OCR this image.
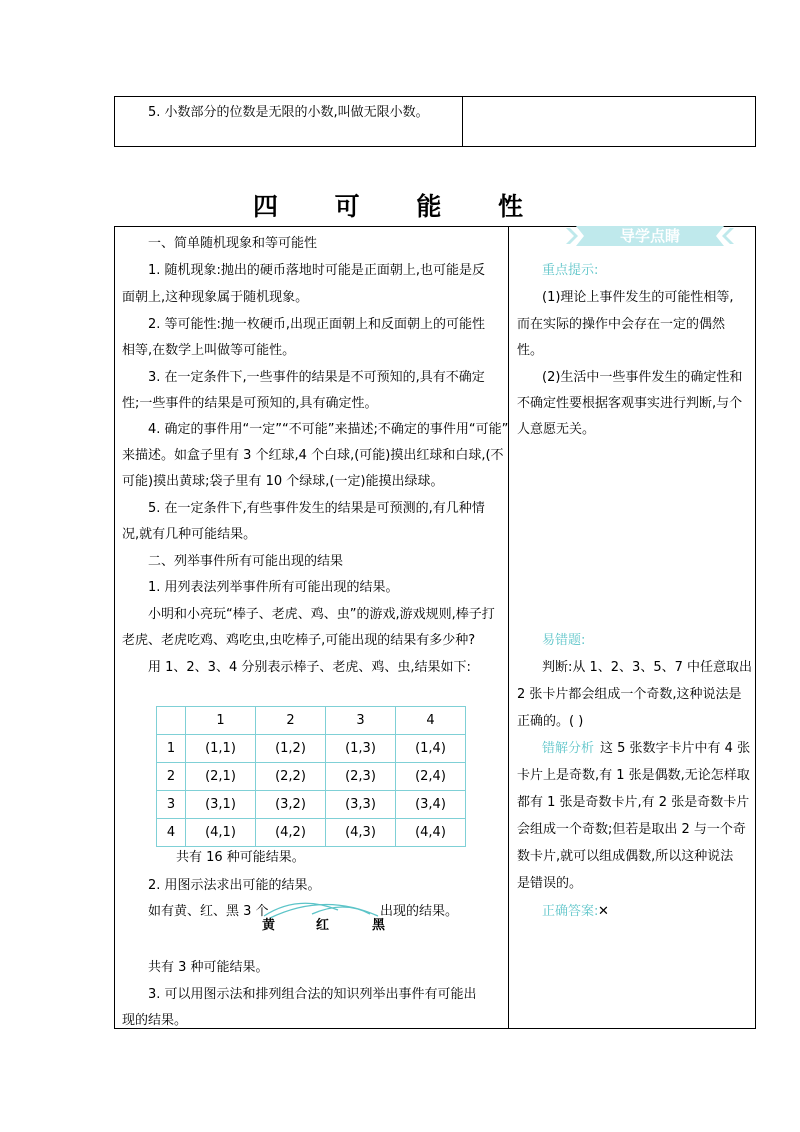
5. 小数部分的位数是无限的小数,叫做无限小数。

四 可 能 性

一、简单随机现象和等可能性

1. 随机现象:抛出的硬币落地时可能是正面朝上,也可能是反

面朝上,这种现象属于随机现象。

2. 等可能性:抛一枚硬币,出现正面朝上和反面朝上的可能性

相等,在数学上叫做等可能性。

3. 在一定条件下,一些事件的结果是不可预知的,具有不确定

性;一些事件的结果是可预知的,具有确定性。

4. 确定的事件用“一定”“不可能”来描述;不确定的事件用“可能”

来描述。如盒子里有 3 个红球,4 个白球,(可能)摸出红球和白球,(不

可能)摸出黄球;袋子里有 10 个绿球,(一定)能摸出绿球。

5. 在一定条件下,有些事件发生的结果是可预测的,有几种情

况,就有几种可能结果。

二、列举事件所有可能出现的结果

1. 用列表法列举事件所有可能出现的结果。

小明和小亮玩“棒子、老虎、鸡、虫”的游戏,游戏规则,棒子打

老虎、老虎吃鸡、鸡吃虫,虫吃棒子,可能出现的结果有多少种?

用 1、2、3、4 分别表示棒子、老虎、鸡、虫,结果如下:

	1	2	3	4
1	(1,1)	(1,2)	(1,3)	(1,4)
2	(2,1)	(2,2)	(2,3)	(2,4)
3	(3,1)	(3,2)	(3,3)	(3,4)
4	(4,1)	(4,2)	(4,3)	(4,4)

共有 16 种可能结果。

2. 用图示法求出可能的结果。

如有黄、红、黑 3 个	出现的结果。

黄	红	黑

共有 3 种可能结果。

3. 可以用图示法和排列组合法的知识列举出事件有可能出

现的结果。

导学点睛

重点提示:

(1)理论上事件发生的可能性相等,

而在实际的操作中会存在一定的偶然

性。

(2)生活中一些事件发生的确定性和

不确定性要根据客观事实进行判断,与个

人意愿无关。

易错题:

判断:从 1、2、3、5、7 中任意取出

2 张卡片都会组成一个奇数,这种说法是

正确的。( )

错解分析 这 5 张数字卡片中有 4 张

卡片上是奇数,有 1 张是偶数,无论怎样取

都有 1 张是奇数卡片,有 2 张是奇数卡片

会组成一个奇数;但若是取出 2 与一个奇

数卡片,就可以组成偶数,所以这种说法

是错误的。

正确答案: ✕
